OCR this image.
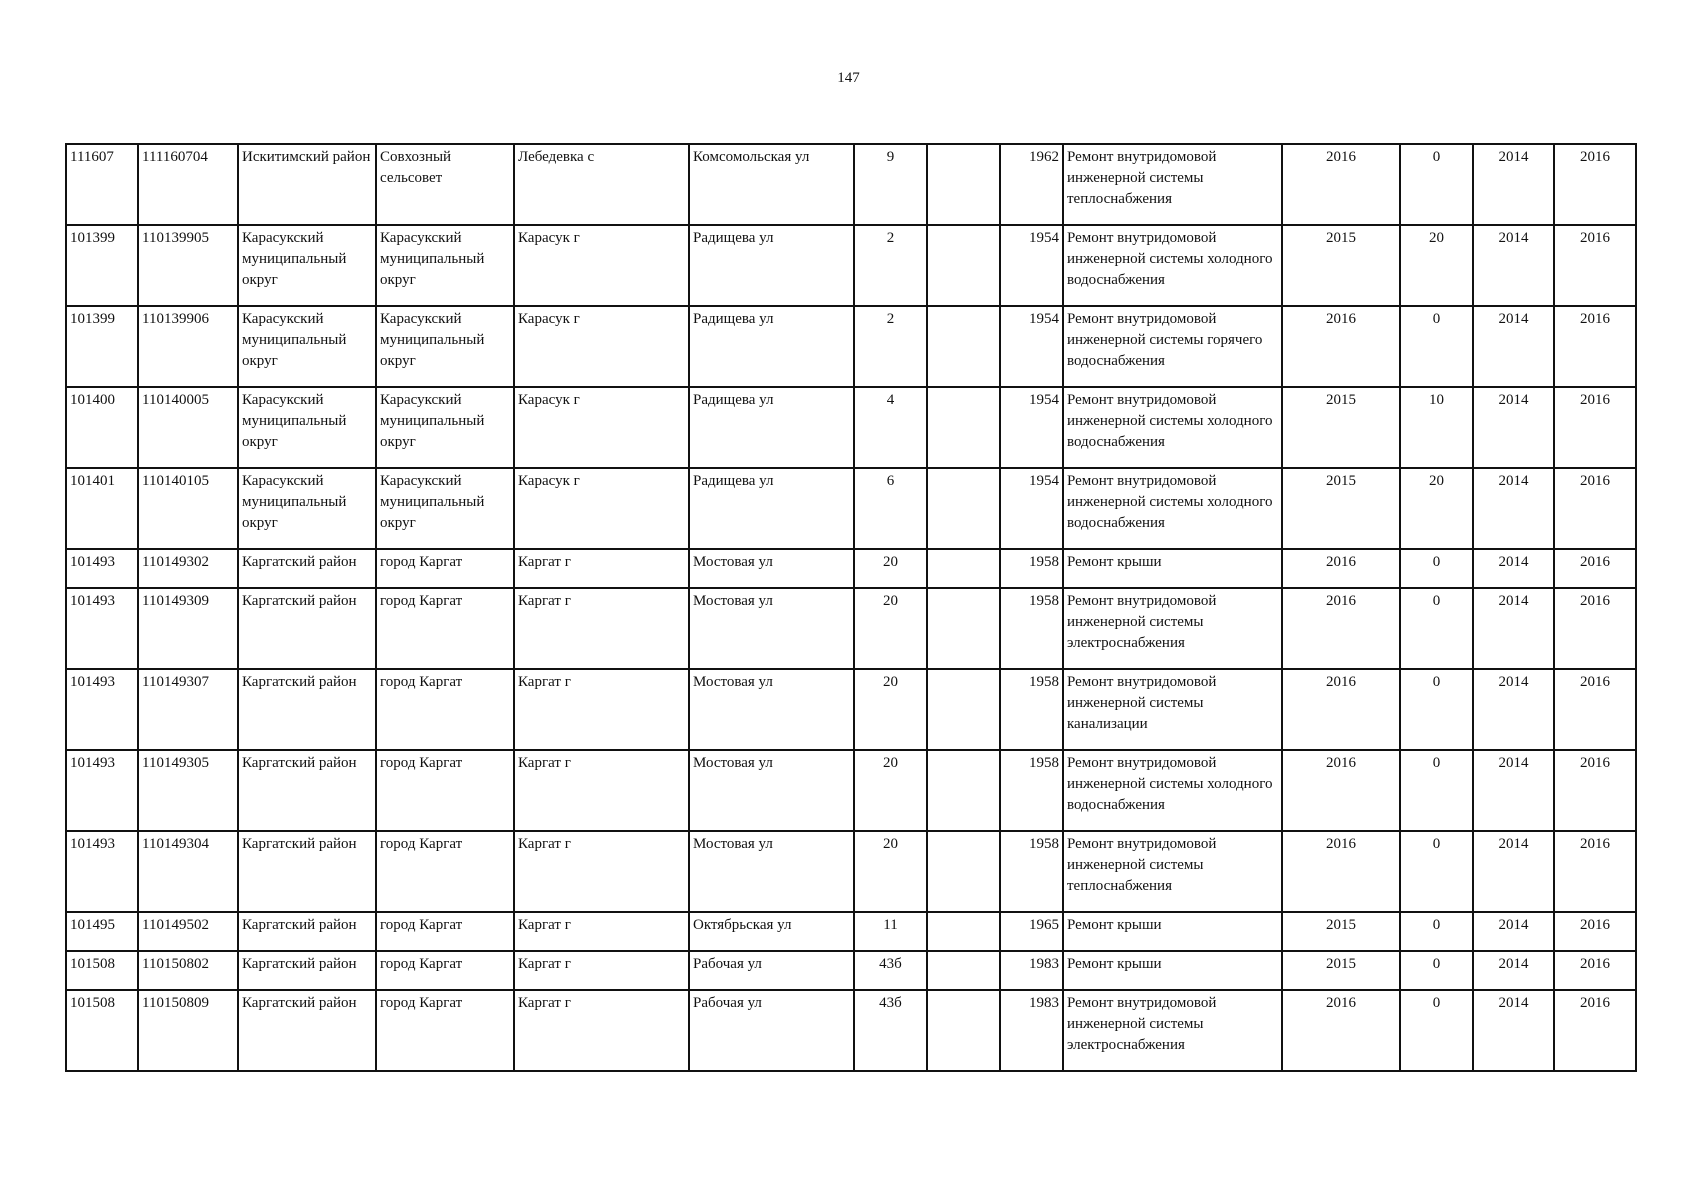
147
111607	111160704	Искитимский район	Совхозный сельсовет	Лебедевка с	Комсомольская ул	9		1962	Ремонт внутридомовой инженерной системы теплоснабжения	2016	0	2014	2016
101399	110139905	Карасукский муниципальный округ	Карасукский муниципальный округ	Карасук г	Радищева ул	2		1954	Ремонт внутридомовой инженерной системы холодного водоснабжения	2015	20	2014	2016
101399	110139906	Карасукский муниципальный округ	Карасукский муниципальный округ	Карасук г	Радищева ул	2		1954	Ремонт внутридомовой инженерной системы горячего водоснабжения	2016	0	2014	2016
101400	110140005	Карасукский муниципальный округ	Карасукский муниципальный округ	Карасук г	Радищева ул	4		1954	Ремонт внутридомовой инженерной системы холодного водоснабжения	2015	10	2014	2016
101401	110140105	Карасукский муниципальный округ	Карасукский муниципальный округ	Карасук г	Радищева ул	6		1954	Ремонт внутридомовой инженерной системы холодного водоснабжения	2015	20	2014	2016
101493	110149302	Каргатский район	город Каргат	Каргат г	Мостовая ул	20		1958	Ремонт крыши	2016	0	2014	2016
101493	110149309	Каргатский район	город Каргат	Каргат г	Мостовая ул	20		1958	Ремонт внутридомовой инженерной системы электроснабжения	2016	0	2014	2016
101493	110149307	Каргатский район	город Каргат	Каргат г	Мостовая ул	20		1958	Ремонт внутридомовой инженерной системы канализации	2016	0	2014	2016
101493	110149305	Каргатский район	город Каргат	Каргат г	Мостовая ул	20		1958	Ремонт внутридомовой инженерной системы холодного водоснабжения	2016	0	2014	2016
101493	110149304	Каргатский район	город Каргат	Каргат г	Мостовая ул	20		1958	Ремонт внутридомовой инженерной системы теплоснабжения	2016	0	2014	2016
101495	110149502	Каргатский район	город Каргат	Каргат г	Октябрьская ул	11		1965	Ремонт крыши	2015	0	2014	2016
101508	110150802	Каргатский район	город Каргат	Каргат г	Рабочая ул	43б		1983	Ремонт крыши	2015	0	2014	2016
101508	110150809	Каргатский район	город Каргат	Каргат г	Рабочая ул	43б		1983	Ремонт внутридомовой инженерной системы электроснабжения	2016	0	2014	2016
